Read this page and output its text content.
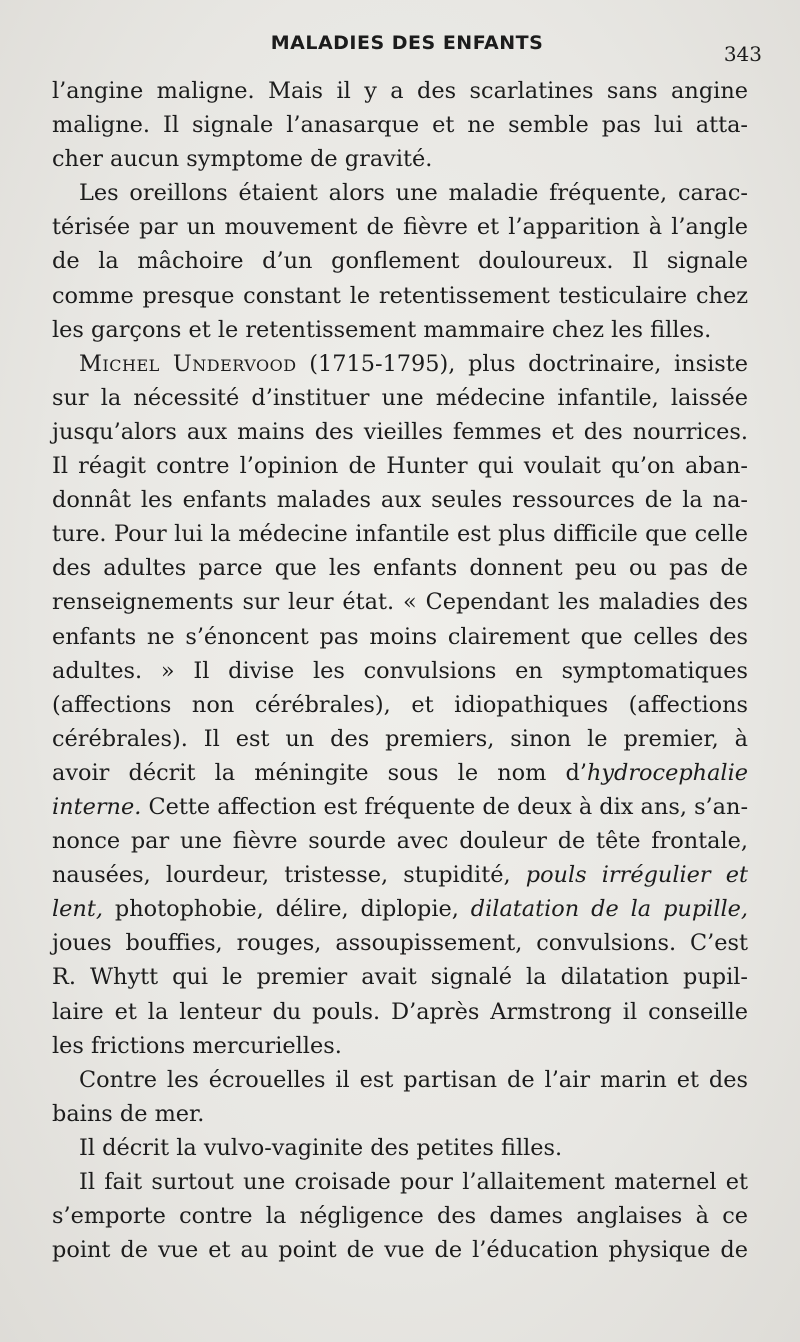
MALADIES DES ENFANTS	343
l’angine maligne. Mais il y a des scarlatines sans angine
maligne. Il signale l’anasarque et ne semble pas lui atta-
cher aucun symptome de gravité.
Les oreillons étaient alors une maladie fréquente, carac-
térisée par un mouvement de fièvre et l’apparition à l’angle
de la mâchoire d’un gonflement douloureux. Il signale
comme presque constant le retentissement testiculaire chez
les garçons et le retentissement mammaire chez les filles.
Michel Undervood (1715-1795), plus doctrinaire, insiste
sur la nécessité d’instituer une médecine infantile, laissée
jusqu’alors aux mains des vieilles femmes et des nourrices.
Il réagit contre l’opinion de Hunter qui voulait qu’on aban-
donnât les enfants malades aux seules ressources de la na-
ture. Pour lui la médecine infantile est plus difficile que celle
des adultes parce que les enfants donnent peu ou pas de
renseignements sur leur état. « Cependant les maladies des
enfants ne s’énoncent pas moins clairement que celles des
adultes. » Il divise les convulsions en symptomatiques
(affections non cérébrales), et idiopathiques (affections
cérébrales). Il est un des premiers, sinon le premier, à
avoir décrit la méningite sous le nom d’hydrocephalie
interne. Cette affection est fréquente de deux à dix ans, s’an-
nonce par une fièvre sourde avec douleur de tête frontale,
nausées, lourdeur, tristesse, stupidité, pouls irrégulier et
lent, photophobie, délire, diplopie, dilatation de la pupille,
joues bouffies, rouges, assoupissement, convulsions. C’est
R. Whytt qui le premier avait signalé la dilatation pupil-
laire et la lenteur du pouls. D’après Armstrong il conseille
les frictions mercurielles.
Contre les écrouelles il est partisan de l’air marin et des
bains de mer.
Il décrit la vulvo-vaginite des petites filles.
Il fait surtout une croisade pour l’allaitement maternel et
s’emporte contre la négligence des dames anglaises à ce
point de vue et au point de vue de l’éducation physique de
